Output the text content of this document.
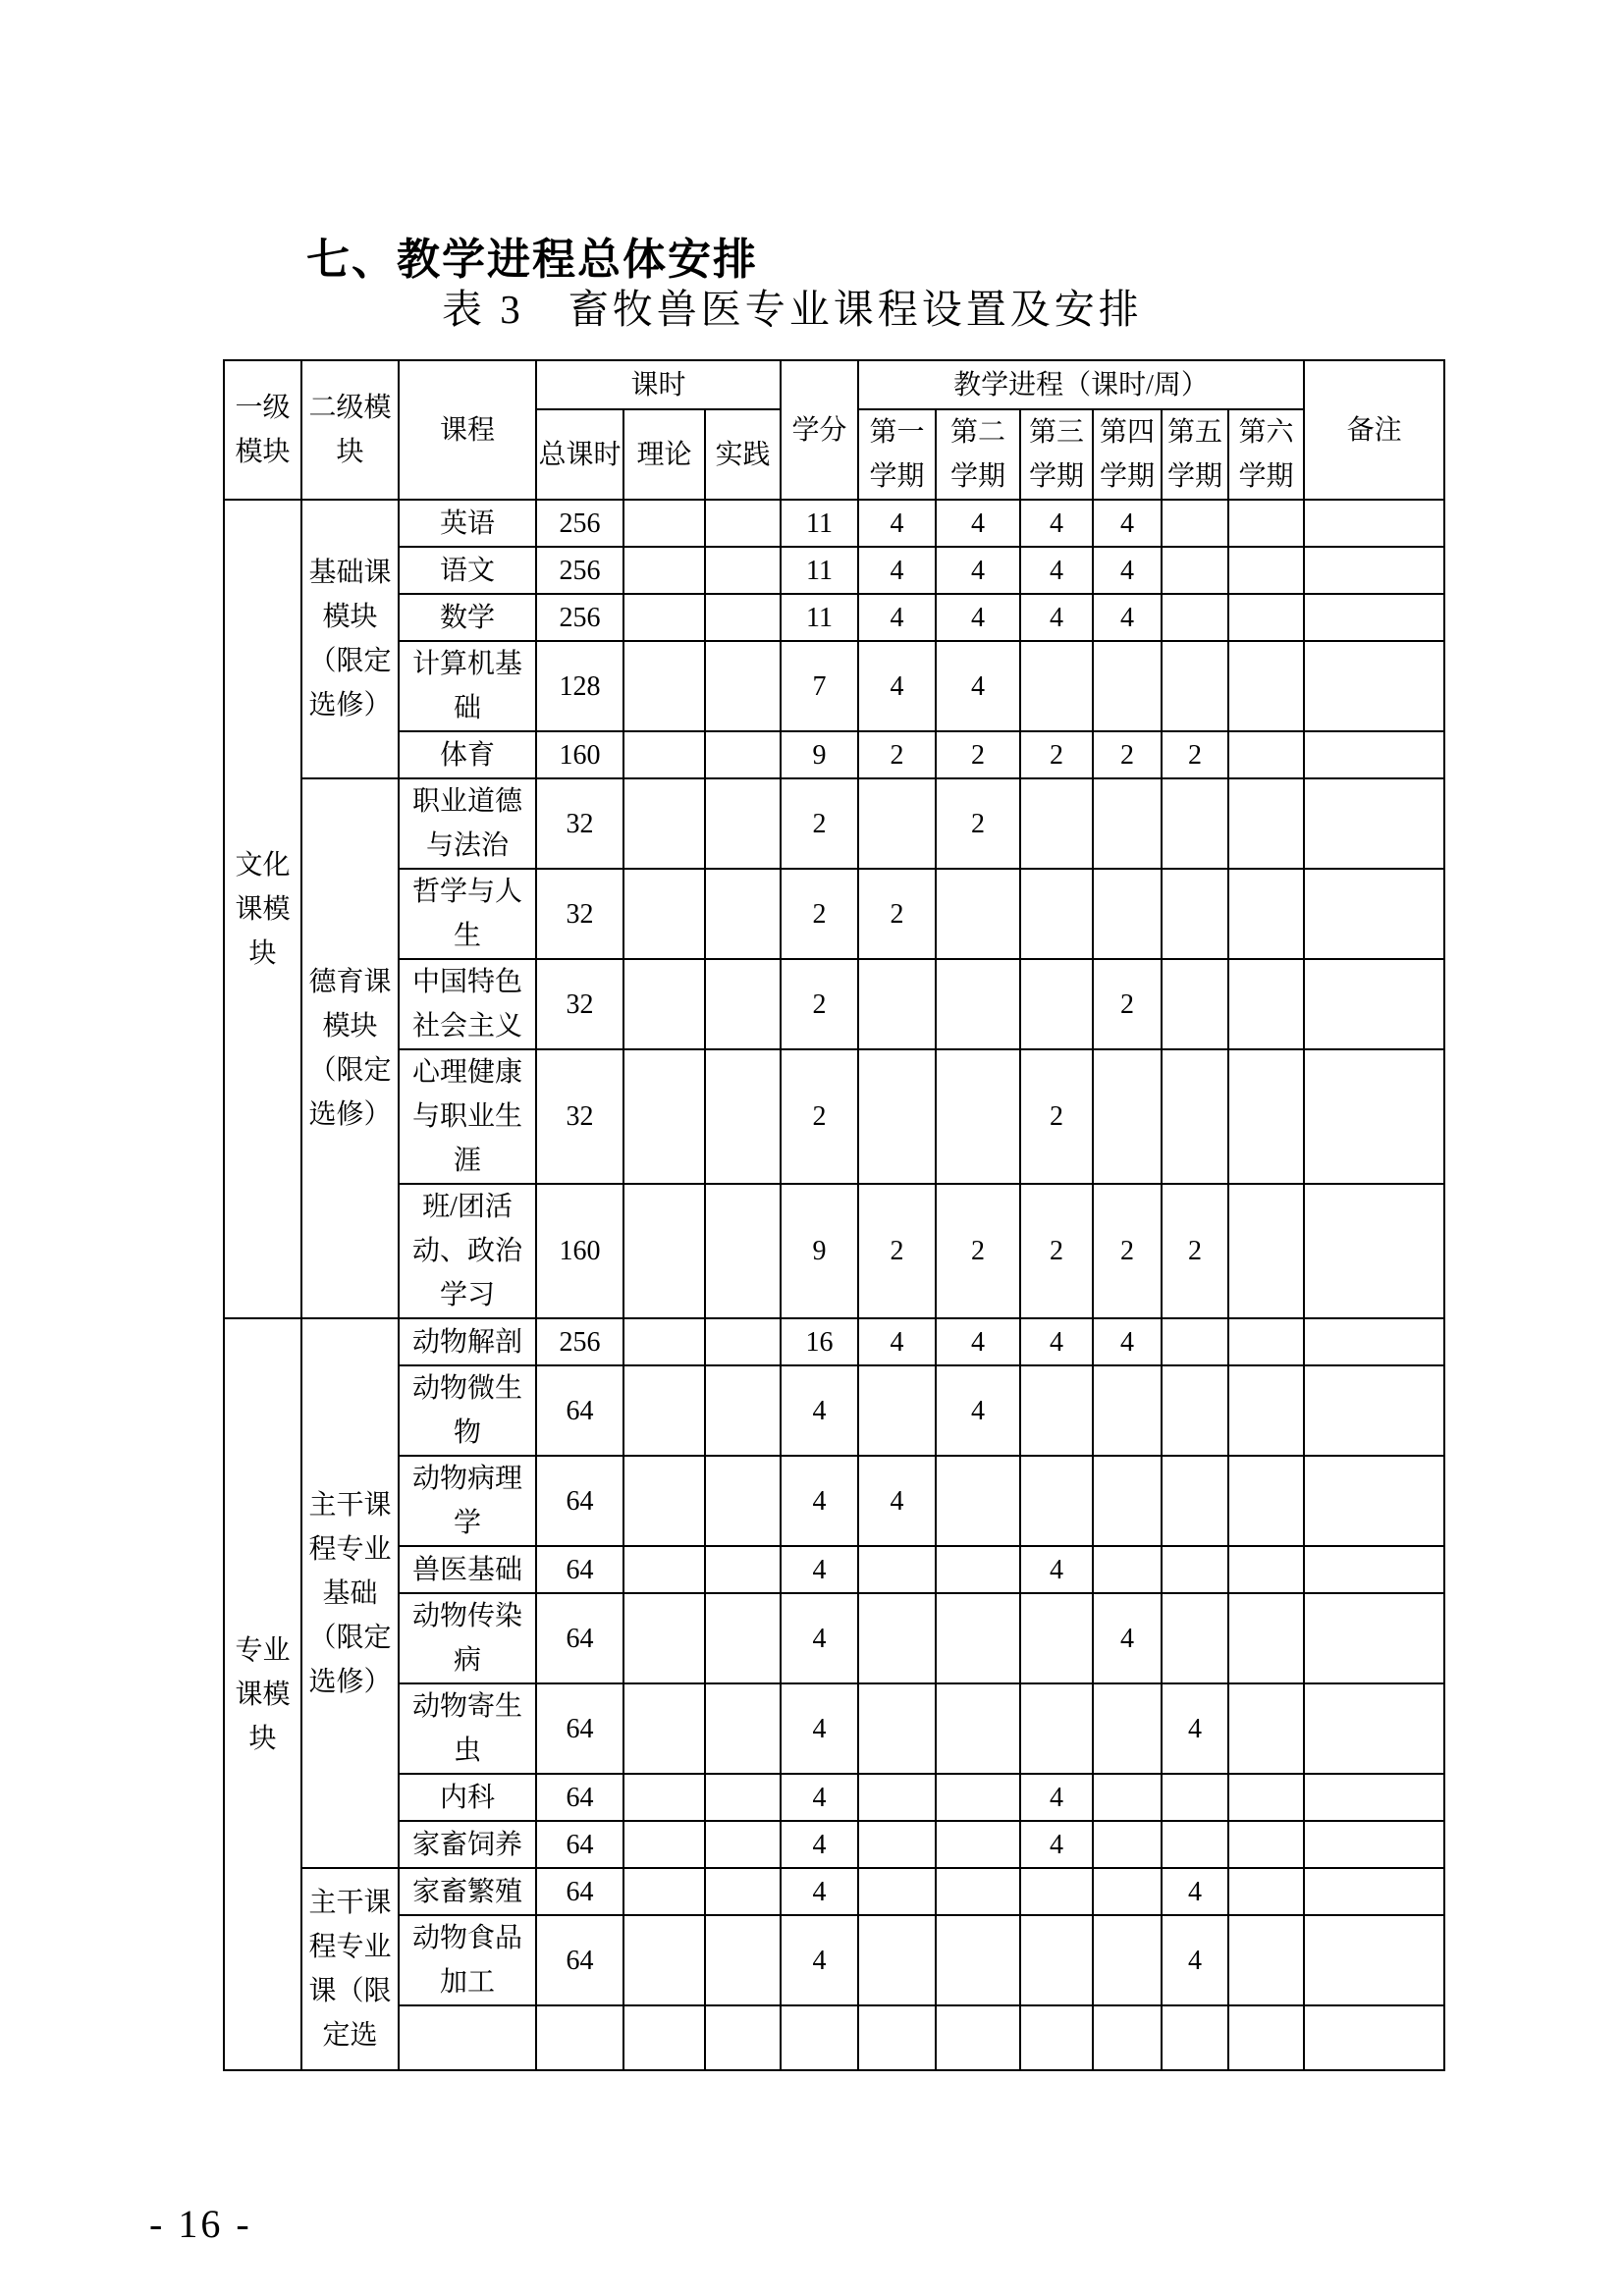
七、教学进程总体安排
表 3　畜牧兽医专业课程设置及安排
一级模块	二级模块	课程	课时			学分	教学进程（课时/周）						备注
			总课时	理论	实践		第一学期	第二学期	第三学期	第四学期	第五学期	第六学期	
文化课模块	基础课模块（限定选修）	英语	256			11	4	4	4	4			
		语文	256			11	4	4	4	4			
		数学	256			11	4	4	4	4			
		计算机基础	128			7	4	4					
		体育	160			9	2	2	2	2	2		
	德育课模块（限定选修）	职业道德与法治	32			2		2					
		哲学与人生	32			2	2						
		中国特色社会主义	32			2				2			
		心理健康与职业生涯	32			2			2				
		班/团活动、政治学习	160			9	2	2	2	2	2		
专业课模块	主干课程专业基础（限定选修）	动物解剖	256			16	4	4	4	4			
		动物微生物	64			4		4					
		动物病理学	64			4	4						
		兽医基础	64			4			4				
		动物传染病	64			4				4			
		动物寄生虫	64			4					4		
		内科	64			4			4				
		家畜饲养	64			4			4				
	主干课程专业课（限定选	家畜繁殖	64			4					4		
		动物食品加工	64			4					4		

- 16 -
